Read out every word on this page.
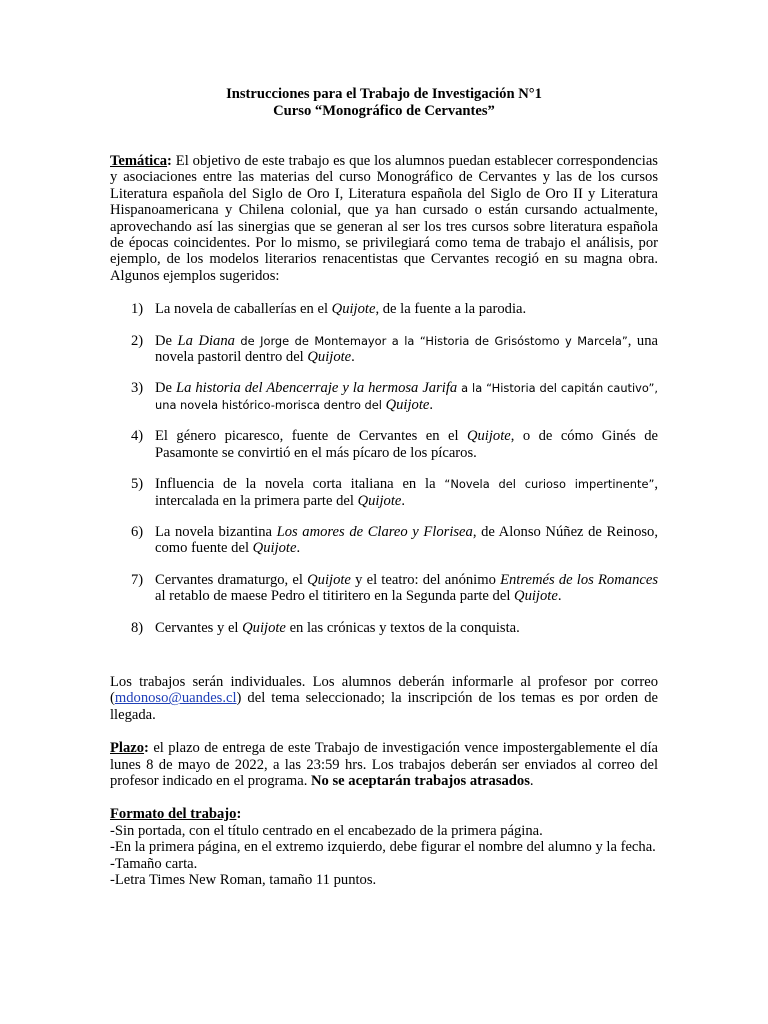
Instrucciones para el Trabajo de Investigación N°1
Curso “Monográfico de Cervantes”

Temática: El objetivo de este trabajo es que los alumnos puedan establecer correspondencias y asociaciones entre las materias del curso Monográfico de Cervantes y las de los cursos Literatura española del Siglo de Oro I, Literatura española del Siglo de Oro II y Literatura Hispanoamericana y Chilena colonial, que ya han cursado o están cursando actualmente, aprovechando así las sinergias que se generan al ser los tres cursos sobre literatura española de épocas coincidentes. Por lo mismo, se privilegiará como tema de trabajo el análisis, por ejemplo, de los modelos literarios renacentistas que Cervantes recogió en su magna obra. Algunos ejemplos sugeridos:

1) La novela de caballerías en el Quijote, de la fuente a la parodia.
2) De La Diana de Jorge de Montemayor a la “Historia de Grisóstomo y Marcela”, una novela pastoril dentro del Quijote.
3) De La historia del Abencerraje y la hermosa Jarifa a la “Historia del capitán cautivo”, una novela histórico-morisca dentro del Quijote.
4) El género picaresco, fuente de Cervantes en el Quijote, o de cómo Ginés de Pasamonte se convirtió en el más pícaro de los pícaros.
5) Influencia de la novela corta italiana en la “Novela del curioso impertinente”, intercalada en la primera parte del Quijote.
6) La novela bizantina Los amores de Clareo y Florisea, de Alonso Núñez de Reinoso, como fuente del Quijote.
7) Cervantes dramaturgo, el Quijote y el teatro: del anónimo Entremés de los Romances al retablo de maese Pedro el titiritero en la Segunda parte del Quijote.
8) Cervantes y el Quijote en las crónicas y textos de la conquista.

Los trabajos serán individuales. Los alumnos deberán informarle al profesor por correo (mdonoso@uandes.cl) del tema seleccionado; la inscripción de los temas es por orden de llegada.

Plazo: el plazo de entrega de este Trabajo de investigación vence impostergablemente el día lunes 8 de mayo de 2022, a las 23:59 hrs. Los trabajos deberán ser enviados al correo del profesor indicado en el programa. No se aceptarán trabajos atrasados.

Formato del trabajo:
-Sin portada, con el título centrado en el encabezado de la primera página.
-En la primera página, en el extremo izquierdo, debe figurar el nombre del alumno y la fecha.
-Tamaño carta.
-Letra Times New Roman, tamaño 11 puntos.
